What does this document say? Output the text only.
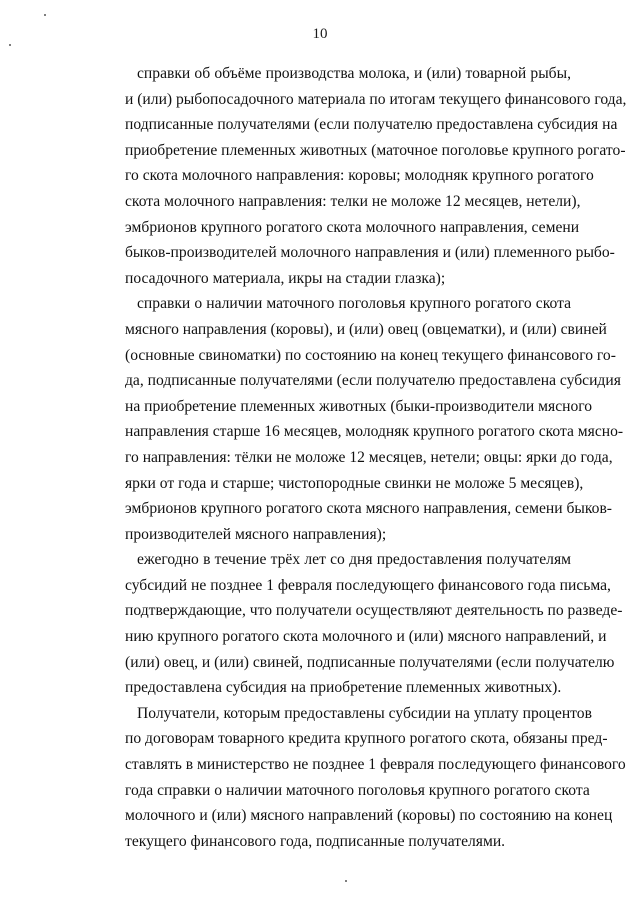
10
справки об объёме производства молока, и (или) товарной рыбы,
и (или) рыбопосадочного материала по итогам текущего финансового года,
подписанные получателями (если получателю предоставлена субсидия на
приобретение племенных животных (маточное поголовье крупного рогато-
го скота молочного направления: коровы; молодняк крупного рогатого
скота молочного направления: телки не моложе 12 месяцев, нетели),
эмбрионов крупного рогатого скота молочного направления, семени
быков-производителей молочного направления и (или) племенного рыбо-
посадочного материала, икры на стадии глазка);
справки о наличии маточного поголовья крупного рогатого скота
мясного направления (коровы), и (или) овец (овцематки), и (или) свиней
(основные свиноматки) по состоянию на конец текущего финансового го-
да, подписанные получателями (если получателю предоставлена субсидия
на приобретение племенных животных (быки-производители мясного
направления старше 16 месяцев, молодняк крупного рогатого скота мясно-
го направления: тёлки не моложе 12 месяцев, нетели; овцы: ярки до года,
ярки от года и старше; чистопородные свинки не моложе 5 месяцев),
эмбрионов крупного рогатого скота мясного направления, семени быков-
производителей мясного направления);
ежегодно в течение трёх лет со дня предоставления получателям
субсидий не позднее 1 февраля последующего финансового года письма,
подтверждающие, что получатели осуществляют деятельность по разведе-
нию крупного рогатого скота молочного и (или) мясного направлений, и
(или) овец, и (или) свиней, подписанные получателями (если получателю
предоставлена субсидия на приобретение племенных животных).
Получатели, которым предоставлены субсидии на уплату процентов
по договорам товарного кредита крупного рогатого скота, обязаны пред-
ставлять в министерство не позднее 1 февраля последующего финансового
года справки о наличии маточного поголовья крупного рогатого скота
молочного и (или) мясного направлений (коровы) по состоянию на конец
текущего финансового года, подписанные получателями.
